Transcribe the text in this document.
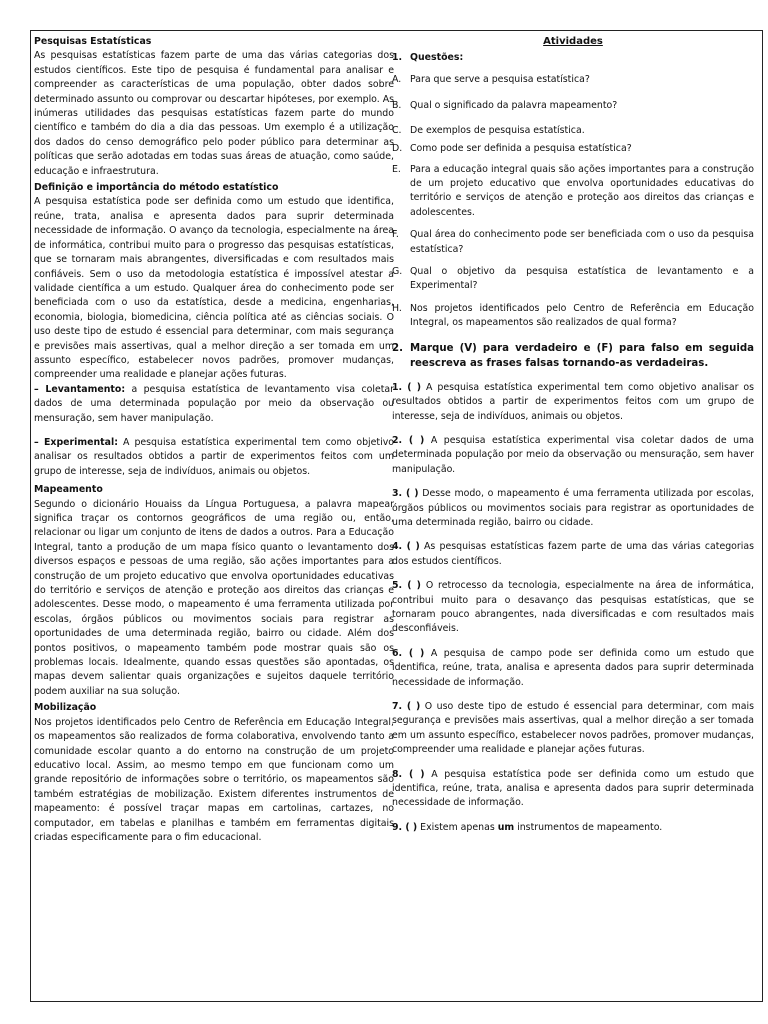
Pesquisas Estatísticas

As pesquisas estatísticas fazem parte de uma das várias categorias dos estudos científicos. Este tipo de pesquisa é fundamental para analisar e compreender as características de uma população, obter dados sobre determinado assunto ou comprovar ou descartar hipóteses, por exemplo. As inúmeras utilidades das pesquisas estatísticas fazem parte do mundo científico e também do dia a dia das pessoas. Um exemplo é a utilização dos dados do censo demográfico pelo poder público para determinar as políticas que serão adotadas em todas suas áreas de atuação, como saúde, educação e infraestrutura.

Definição e importância do método estatístico

A pesquisa estatística pode ser definida como um estudo que identifica, reúne, trata, analisa e apresenta dados para suprir determinada necessidade de informação. O avanço da tecnologia, especialmente na área de informática, contribui muito para o progresso das pesquisas estatísticas, que se tornaram mais abrangentes, diversificadas e com resultados mais confiáveis. Sem o uso da metodologia estatística é impossível atestar a validade científica a um estudo. Qualquer área do conhecimento pode ser beneficiada com o uso da estatística, desde a medicina, engenharias, economia, biologia, biomedicina, ciência política até as ciências sociais. O uso deste tipo de estudo é essencial para determinar, com mais segurança e previsões mais assertivas, qual a melhor direção a ser tomada em um assunto específico, estabelecer novos padrões, promover mudanças, compreender uma realidade e planejar ações futuras.

– Levantamento: a pesquisa estatística de levantamento visa coletar dados de uma determinada população por meio da observação ou mensuração, sem haver manipulação.

– Experimental: A pesquisa estatística experimental tem como objetivo analisar os resultados obtidos a partir de experimentos feitos com um grupo de interesse, seja de indivíduos, animais ou objetos.

Mapeamento

Segundo o dicionário Houaiss da Língua Portuguesa, a palavra mapear significa traçar os contornos geográficos de uma região ou, então, relacionar ou ligar um conjunto de itens de dados a outros. Para a Educação Integral, tanto a produção de um mapa físico quanto o levantamento dos diversos espaços e pessoas de uma região, são ações importantes para a construção de um projeto educativo que envolva oportunidades educativas do território e serviços de atenção e proteção aos direitos das crianças e adolescentes. Desse modo, o mapeamento é uma ferramenta utilizada por escolas, órgãos públicos ou movimentos sociais para registrar as oportunidades de uma determinada região, bairro ou cidade. Além dos pontos positivos, o mapeamento também pode mostrar quais são os problemas locais. Idealmente, quando essas questões são apontadas, os mapas devem salientar quais organizações e sujeitos daquele território podem auxiliar na sua solução.

Mobilização

Nos projetos identificados pelo Centro de Referência em Educação Integral, os mapeamentos são realizados de forma colaborativa, envolvendo tanto a comunidade escolar quanto a do entorno na construção de um projeto educativo local. Assim, ao mesmo tempo em que funcionam como um grande repositório de informações sobre o território, os mapeamentos são também estratégias de mobilização. Existem diferentes instrumentos de mapeamento: é possível traçar mapas em cartolinas, cartazes, no computador, em tabelas e planilhas e também em ferramentas digitais criadas especificamente para o fim educacional.

Atividades
1. Questões:
A. Para que serve a pesquisa estatística?
B. Qual o significado da palavra mapeamento?
C. De exemplos de pesquisa estatística.
D. Como pode ser definida a pesquisa estatística?
E. Para a educação integral quais são ações importantes para a construção de um projeto educativo que envolva oportunidades educativas do território e serviços de atenção e proteção aos direitos das crianças e adolescentes.
F.	Qual área do conhecimento pode ser beneficiada com o uso da pesquisa estatística?
G. Qual o objetivo da pesquisa estatística de levantamento e a Experimental?
H. Nos projetos identificados pelo Centro de Referência em Educação Integral, os mapeamentos são realizados de qual forma?
2. Marque (V) para verdadeiro e (F) para falso em seguida reescreva as frases falsas tornando-as verdadeiras.

1. ( ) A pesquisa estatística experimental tem como objetivo analisar os resultados obtidos a partir de experimentos feitos com um grupo de interesse, seja de indivíduos, animais ou objetos.

2. ( ) A pesquisa estatística experimental visa coletar dados de uma determinada população por meio da observação ou mensuração, sem haver manipulação.

3. ( ) Desse modo, o mapeamento é uma ferramenta utilizada por escolas, órgãos públicos ou movimentos sociais para registrar as oportunidades de uma determinada região, bairro ou cidade.

4. ( ) As pesquisas estatísticas fazem parte de uma das várias categorias dos estudos científicos.

5. ( ) O retrocesso da tecnologia, especialmente na área de informática, contribui muito para o desavanço das pesquisas estatísticas, que se tornaram pouco abrangentes, nada diversificadas e com resultados mais desconfiáveis.

6. ( ) A pesquisa de campo pode ser definida como um estudo que identifica, reúne, trata, analisa e apresenta dados para suprir determinada necessidade de informação.

7. ( ) O uso deste tipo de estudo é essencial para determinar, com mais segurança e previsões mais assertivas, qual a melhor direção a ser tomada em um assunto específico, estabelecer novos padrões, promover mudanças, compreender uma realidade e planejar ações futuras.

8. ( ) A pesquisa estatística pode ser definida como um estudo que identifica, reúne, trata, analisa e apresenta dados para suprir determinada necessidade de informação.

9. ( ) Existem apenas um instrumentos de mapeamento.
